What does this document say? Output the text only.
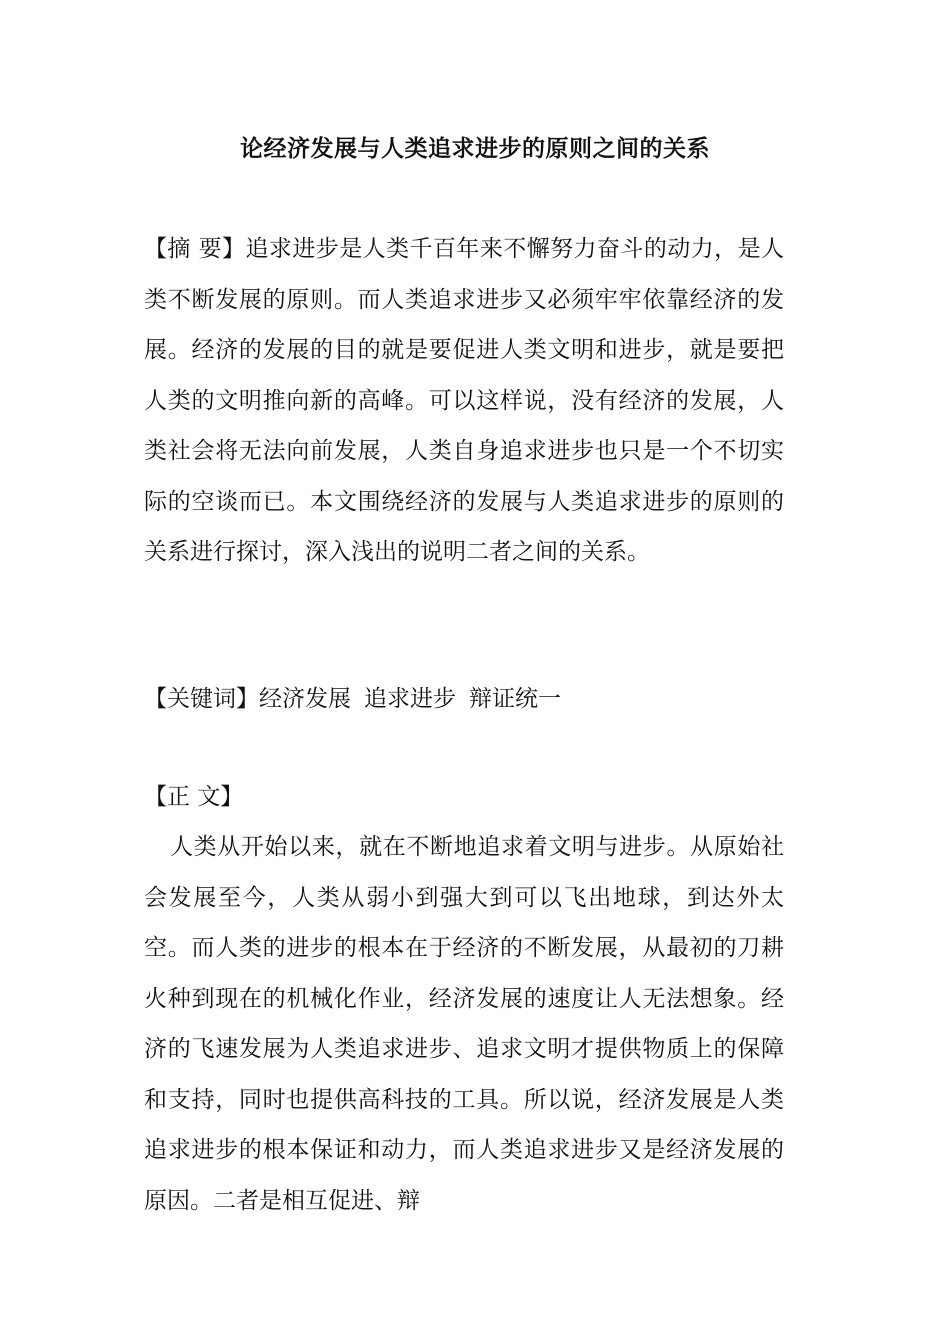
论经济发展与人类追求进步的原则之间的关系
【摘 要】追求进步是人类千百年来不懈努力奋斗的动力，是人类不断发展的原则。而人类追求进步又必须牢牢依靠经济的发展。经济的发展的目的就是要促进人类文明和进步，就是要把人类的文明推向新的高峰。可以这样说，没有经济的发展，人类社会将无法向前发展，人类自身追求进步也只是一个不切实际的空谈而已。本文围绕经济的发展与人类追求进步的原则的关系进行探讨，深入浅出的说明二者之间的关系。
【关键词】经济发展 追求进步 辩证统一
【正 文】
人类从开始以来，就在不断地追求着文明与进步。从原始社会发展至今，人类从弱小到强大到可以飞出地球，到达外太空。而人类的进步的根本在于经济的不断发展，从最初的刀耕火种到现在的机械化作业，经济发展的速度让人无法想象。经济的飞速发展为人类追求进步、追求文明才提供物质上的保障和支持，同时也提供高科技的工具。所以说，经济发展是人类追求进步的根本保证和动力，而人类追求进步又是经济发展的原因。二者是相互促进、辩
